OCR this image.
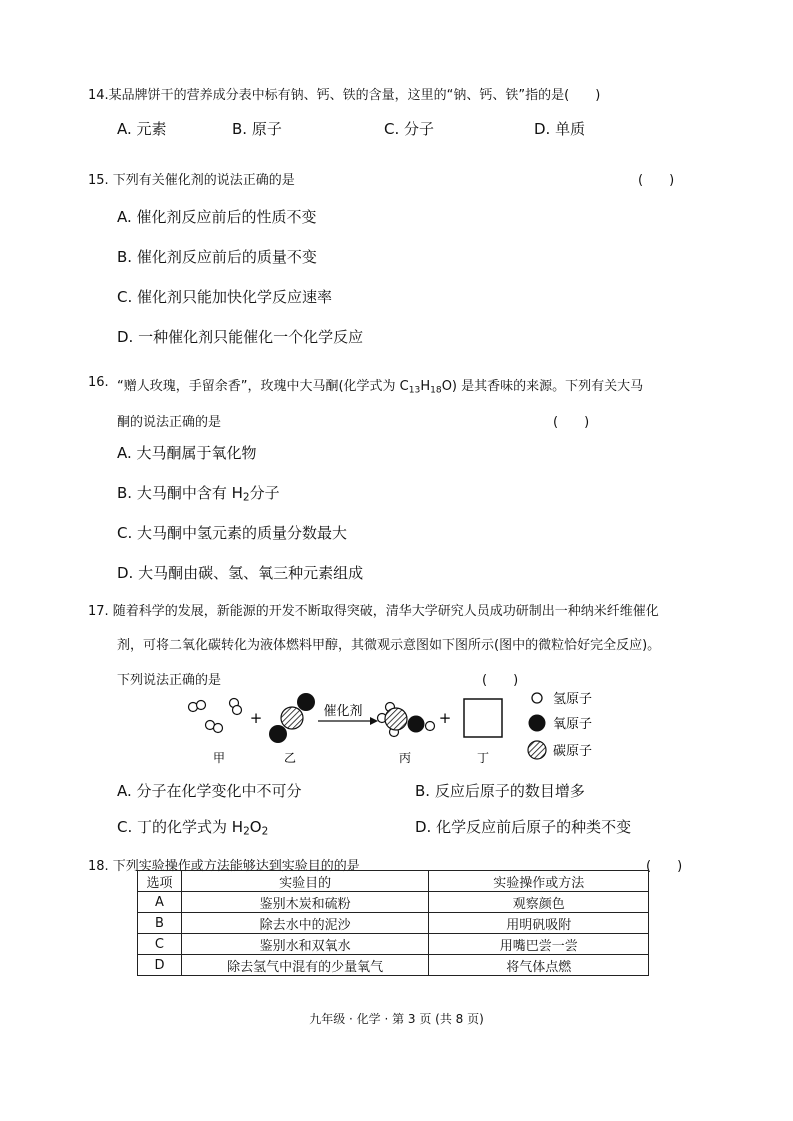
14.某品牌饼干的营养成分表中标有钠、钙、铁的含量，这里的“钠、钙、铁”指的是(　　)
A. 元素	B. 原子	C. 分子	D. 单质
15. 下列有关催化剂的说法正确的是	(　　)
A. 催化剂反应前后的性质不变
B. 催化剂反应前后的质量不变
C. 催化剂只能加快化学反应速率
D. 一种催化剂只能催化一个化学反应
16. “赠人玫瑰，手留余香”，玫瑰中大马酮(化学式为 $C_{13}H_{18}O$) 是其香味的来源。下列有关大马
酮的说法正确的是	(　　)
A. 大马酮属于氧化物
B. 大马酮中含有 $H_2$分子
C. 大马酮中氢元素的质量分数最大
D. 大马酮由碳、氢、氧三种元素组成
17. 随着科学的发展，新能源的开发不断取得突破，清华大学研究人员成功研制出一种纳米纤维催化
剂，可将二氧化碳转化为液体燃料甲醇，其微观示意图如下图所示(图中的微粒恰好完全反应)。
下列说法正确的是	(　　)
+	催化剂	+
甲	乙	丙	丁
氢原子
氧原子
碳原子
A. 分子在化学变化中不可分	B. 反应后原子的数目增多
C. 丁的化学式为 $H_2O_2$	D. 化学反应前后原子的种类不变
18. 下列实验操作或方法能够达到实验目的的是	(　　)
选项	实验目的	实验操作或方法
A	鉴别木炭和硫粉	观察颜色
B	除去水中的泥沙	用明矾吸附
C	鉴别水和双氧水	用嘴巴尝一尝
D	除去氢气中混有的少量氧气	将气体点燃
九年级 · 化学 · 第 3 页 (共 8 页)
